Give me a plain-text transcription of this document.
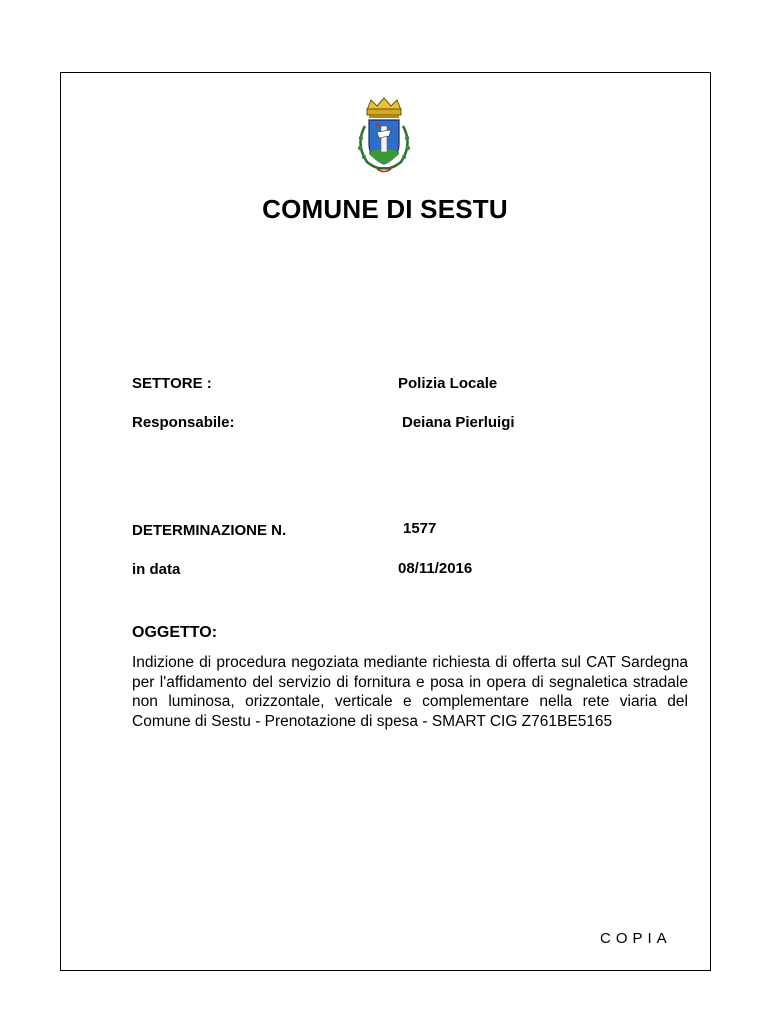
COMUNE DI SESTU
SETTORE :	Polizia Locale
Responsabile:	Deiana Pierluigi
DETERMINAZIONE N.	1577
in data	08/11/2016
OGGETTO:
Indizione di procedura negoziata mediante richiesta di offerta sul CAT Sardegna per l'affidamento del servizio di fornitura e posa in opera di segnaletica stradale non luminosa, orizzontale, verticale e complementare nella rete viaria del Comune di Sestu - Prenotazione di spesa - SMART CIG Z761BE5165
COPIA
